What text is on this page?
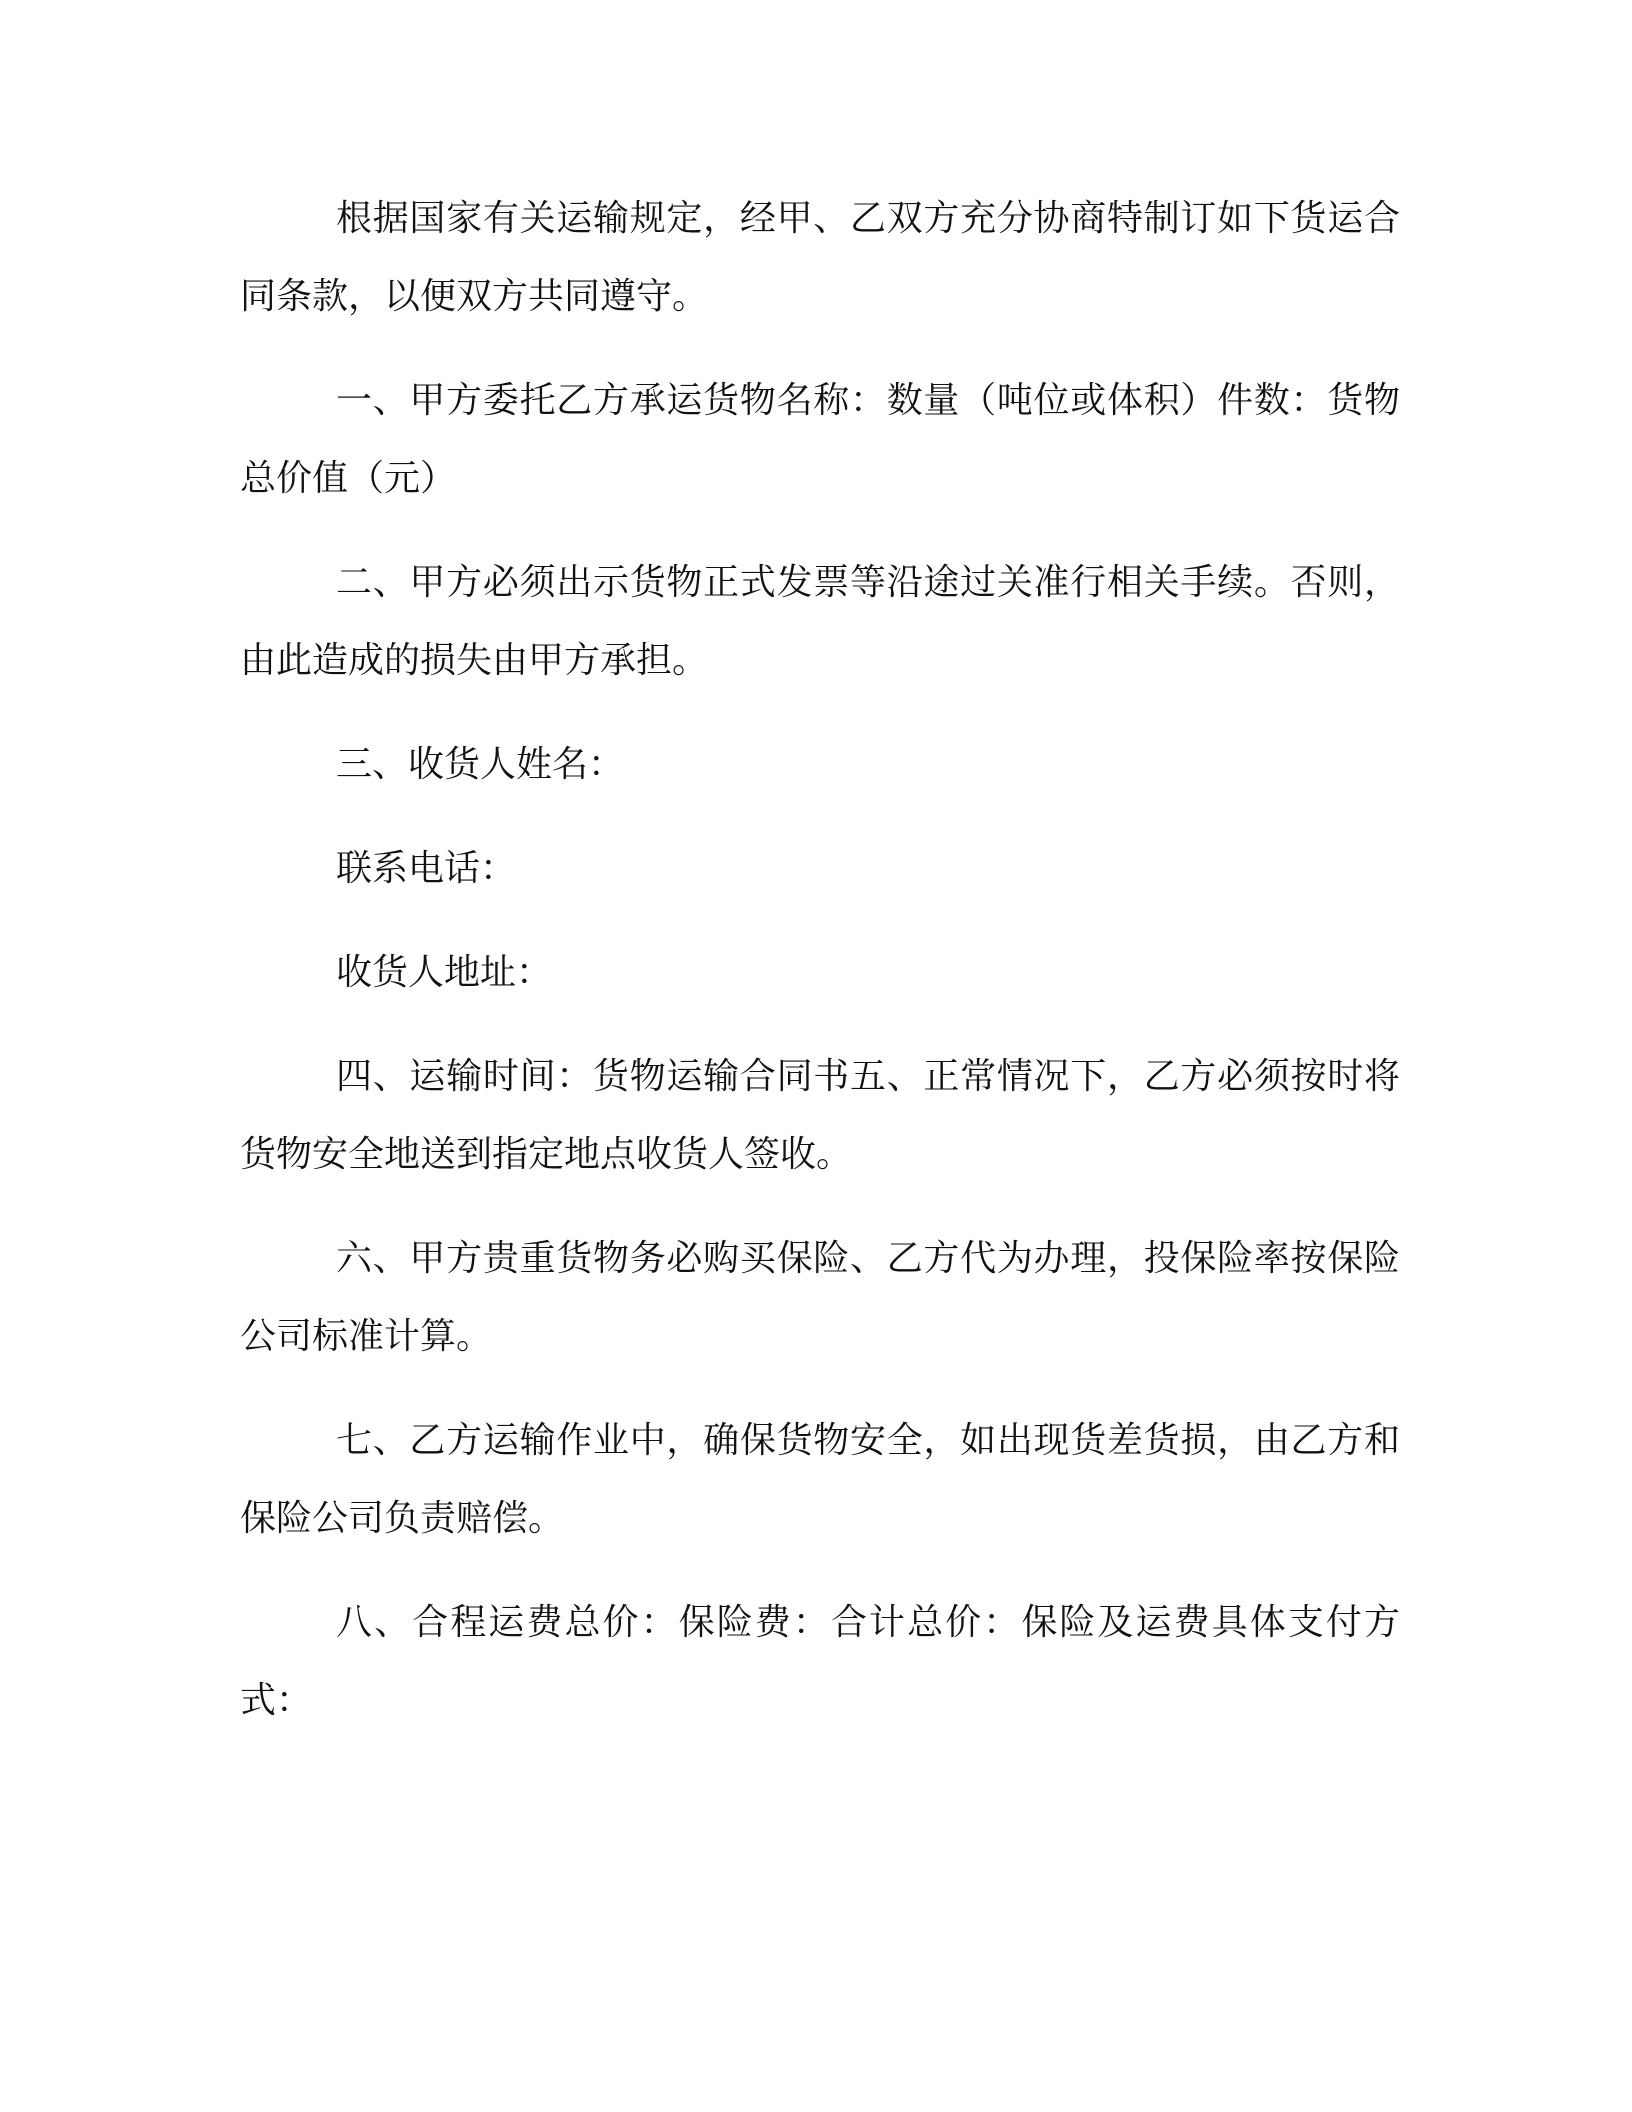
根据国家有关运输规定，经甲、乙双方充分协商特制订如下货运合同条款，以便双方共同遵守。

一、甲方委托乙方承运货物名称：数量（吨位或体积）件数：货物总价值（元）

二、甲方必须出示货物正式发票等沿途过关准行相关手续。否则，由此造成的损失由甲方承担。

三、收货人姓名：

联系电话：

收货人地址：

四、运输时间：货物运输合同书五、正常情况下，乙方必须按时将货物安全地送到指定地点收货人签收。

六、甲方贵重货物务必购买保险、乙方代为办理，投保险率按保险公司标准计算。

七、乙方运输作业中，确保货物安全，如出现货差货损，由乙方和保险公司负责赔偿。

八、合程运费总价：保险费：合计总价：保险及运费具体支付方式：
